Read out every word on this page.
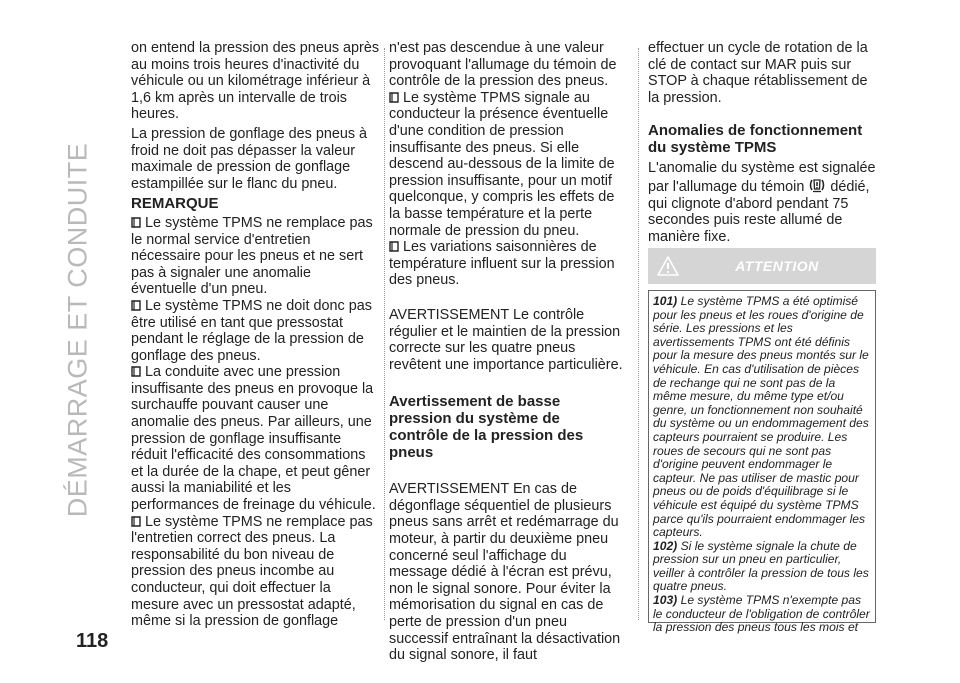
DÉMARRAGE ET CONDUITE
118

on entend la pression des pneus après au moins trois heures d'inactivité du véhicule ou un kilométrage inférieur à 1,6 km après un intervalle de trois heures.

La pression de gonflage des pneus à froid ne doit pas dépasser la valeur maximale de pression de gonflage estampillée sur le flanc du pneu.

REMARQUE

Le système TPMS ne remplace pas le normal service d'entretien nécessaire pour les pneus et ne sert pas à signaler une anomalie éventuelle d'un pneu.

Le système TPMS ne doit donc pas être utilisé en tant que pressostat pendant le réglage de la pression de gonflage des pneus.

La conduite avec une pression insuffisante des pneus en provoque la surchauffe pouvant causer une anomalie des pneus. Par ailleurs, une pression de gonflage insuffisante réduit l'efficacité des consommations et la durée de la chape, et peut gêner aussi la maniabilité et les performances de freinage du véhicule.

Le système TPMS ne remplace pas l'entretien correct des pneus. La responsabilité du bon niveau de pression des pneus incombe au conducteur, qui doit effectuer la mesure avec un pressostat adapté, même si la pression de gonflage

n'est pas descendue à une valeur provoquant l'allumage du témoin de contrôle de la pression des pneus.

Le système TPMS signale au conducteur la présence éventuelle d'une condition de pression insuffisante des pneus. Si elle descend au-dessous de la limite de pression insuffisante, pour un motif quelconque, y compris les effets de la basse température et la perte normale de pression du pneu.

Les variations saisonnières de température influent sur la pression des pneus.

AVERTISSEMENT Le contrôle régulier et le maintien de la pression correcte sur les quatre pneus revêtent une importance particulière.

Avertissement de basse pression du système de contrôle de la pression des pneus

AVERTISSEMENT En cas de dégonflage séquentiel de plusieurs pneus sans arrêt et redémarrage du moteur, à partir du deuxième pneu concerné seul l'affichage du message dédié à l'écran est prévu, non le signal sonore. Pour éviter la mémorisation du signal en cas de perte de pression d'un pneu successif entraînant la désactivation du signal sonore, il faut

effectuer un cycle de rotation de la clé de contact sur MAR puis sur STOP à chaque rétablissement de la pression.

Anomalies de fonctionnement du système TPMS

L'anomalie du système est signalée par l'allumage du témoin dédié, qui clignote d'abord pendant 75 secondes puis reste allumé de manière fixe.

ATTENTION

101) Le système TPMS a été optimisé pour les pneus et les roues d'origine de série. Les pressions et les avertissements TPMS ont été définis pour la mesure des pneus montés sur le véhicule. En cas d'utilisation de pièces de rechange qui ne sont pas de la même mesure, du même type et/ou genre, un fonctionnement non souhaité du système ou un endommagement des capteurs pourraient se produire. Les roues de secours qui ne sont pas d'origine peuvent endommager le capteur. Ne pas utiliser de mastic pour pneus ou de poids d'équilibrage si le véhicule est équipé du système TPMS parce qu'ils pourraient endommager les capteurs.

102) Si le système signale la chute de pression sur un pneu en particulier, veiller à contrôler la pression de tous les quatre pneus.

103) Le système TPMS n'exempte pas le conducteur de l'obligation de contrôler la pression des pneus tous les mois et
